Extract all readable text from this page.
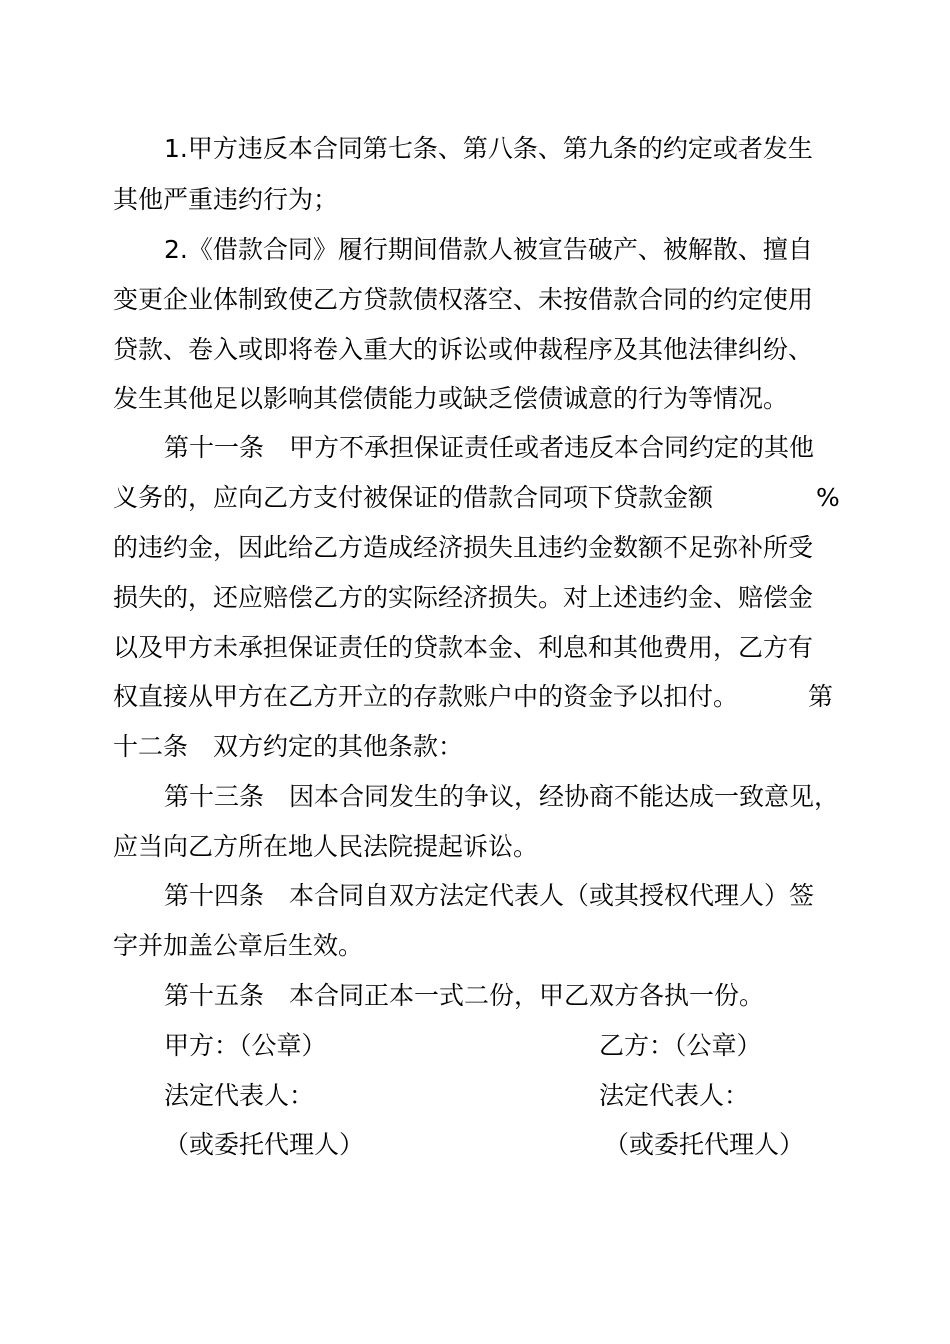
1.甲方违反本合同第七条、第八条、第九条的约定或者发生
其他严重违约行为；
2.《借款合同》履行期间借款人被宣告破产、被解散、擅自
变更企业体制致使乙方贷款债权落空、未按借款合同的约定使用
贷款、卷入或即将卷入重大的诉讼或仲裁程序及其他法律纠纷、
发生其他足以影响其偿债能力或缺乏偿债诚意的行为等情况。
第十一条　甲方不承担保证责任或者违反本合同约定的其他
义务的，应向乙方支付被保证的借款合同项下贷款金额	%
的违约金，因此给乙方造成经济损失且违约金数额不足弥补所受
损失的，还应赔偿乙方的实际经济损失。对上述违约金、赔偿金
以及甲方未承担保证责任的贷款本金、利息和其他费用，乙方有
权直接从甲方在乙方开立的存款账户中的资金予以扣付。	第
十二条　双方约定的其他条款：
第十三条　因本合同发生的争议，经协商不能达成一致意见，
应当向乙方所在地人民法院提起诉讼。
第十四条　本合同自双方法定代表人（或其授权代理人）签
字并加盖公章后生效。
第十五条　本合同正本一式二份，甲乙双方各执一份。
甲方：（公章）	乙方：（公章）
法定代表人：	法定代表人：
（或委托代理人）	（或委托代理人）
